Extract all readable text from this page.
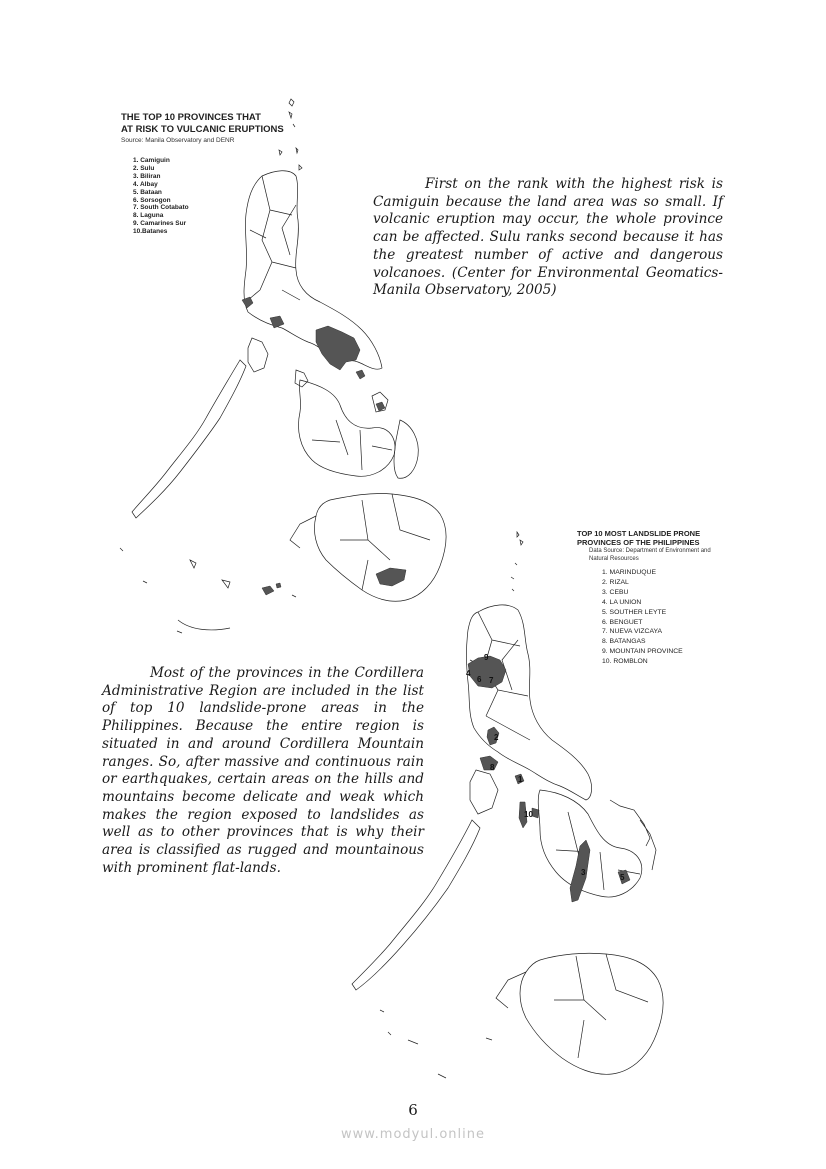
THE TOP 10 PROVINCES THAT
AT RISK TO VULCANIC ERUPTIONS
Source: Manila Observatory and DENR
1. Camiguin
2. Sulu
3. Biliran
4. Albay
5. Bataan
6. Sorsogon
7. South Cotabato
8. Laguna
9. Camarines Sur
10.Batanes

First on the rank with the highest risk is Camiguin because the land area was so small. If volcanic eruption may occur, the whole province can be affected. Sulu ranks second because it has the greatest number of active and dangerous volcanoes. (Center for Environmental Geomatics- Manila Observatory, 2005)

TOP 10 MOST LANDSLIDE PRONE
PROVINCES OF THE PHILIPPINES
Data Source: Department of Environment and
Natural Resources
1. MARINDUQUE
2. RIZAL
3. CEBU
4. LA UNION
5. SOUTHER LEYTE
6. BENGUET
7. NUEVA VIZCAYA
8. BATANGAS
9. MOUNTAIN PROVINCE
10. ROMBLON
9
4
6 7
2
8
1
10
3
5

Most of the provinces in the Cordillera Administrative Region are included in the list of top 10 landslide-prone areas in the Philippines. Because the entire region is situated in and around Cordillera Mountain ranges. So, after massive and continuous rain or earthquakes, certain areas on the hills and mountains become delicate and weak which makes the region exposed to landslides as well as to other provinces that is why their area is classified as rugged and mountainous with prominent flat-lands.

6
www.modyul.online
